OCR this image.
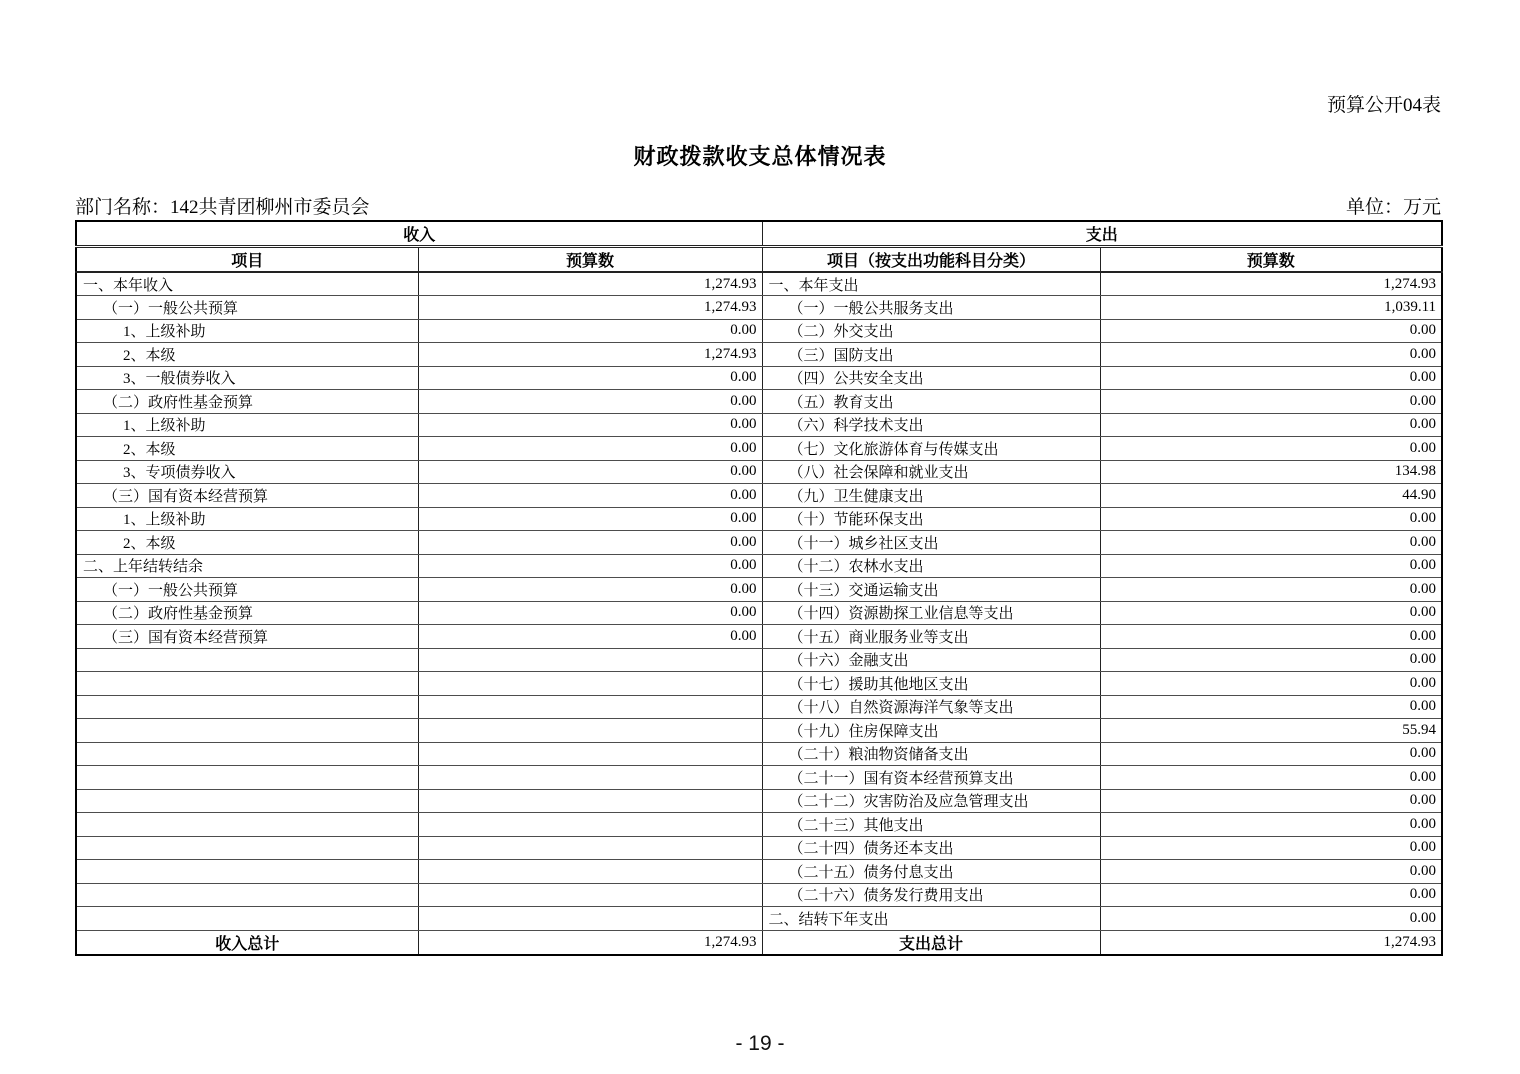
预算公开04表
财政拨款收支总体情况表
部门名称：142共青团柳州市委员会	单位：万元
收入		支出	
项目	预算数	项目（按支出功能科目分类）	预算数
一、本年收入	1,274.93	一、本年支出	1,274.93
（一）一般公共预算	1,274.93	（一）一般公共服务支出	1,039.11
1、上级补助	0.00	（二）外交支出	0.00
2、本级	1,274.93	（三）国防支出	0.00
3、一般债券收入	0.00	（四）公共安全支出	0.00
（二）政府性基金预算	0.00	（五）教育支出	0.00
1、上级补助	0.00	（六）科学技术支出	0.00
2、本级	0.00	（七）文化旅游体育与传媒支出	0.00
3、专项债券收入	0.00	（八）社会保障和就业支出	134.98
（三）国有资本经营预算	0.00	（九）卫生健康支出	44.90
1、上级补助	0.00	（十）节能环保支出	0.00
2、本级	0.00	（十一）城乡社区支出	0.00
二、上年结转结余	0.00	（十二）农林水支出	0.00
（一）一般公共预算	0.00	（十三）交通运输支出	0.00
（二）政府性基金预算	0.00	（十四）资源勘探工业信息等支出	0.00
（三）国有资本经营预算	0.00	（十五）商业服务业等支出	0.00
		（十六）金融支出	0.00
		（十七）援助其他地区支出	0.00
		（十八）自然资源海洋气象等支出	0.00
		（十九）住房保障支出	55.94
		（二十）粮油物资储备支出	0.00
		（二十一）国有资本经营预算支出	0.00
		（二十二）灾害防治及应急管理支出	0.00
		（二十三）其他支出	0.00
		（二十四）债务还本支出	0.00
		（二十五）债务付息支出	0.00
		（二十六）债务发行费用支出	0.00
		二、结转下年支出	0.00
收入总计	1,274.93	支出总计	1,274.93
- 19 -
